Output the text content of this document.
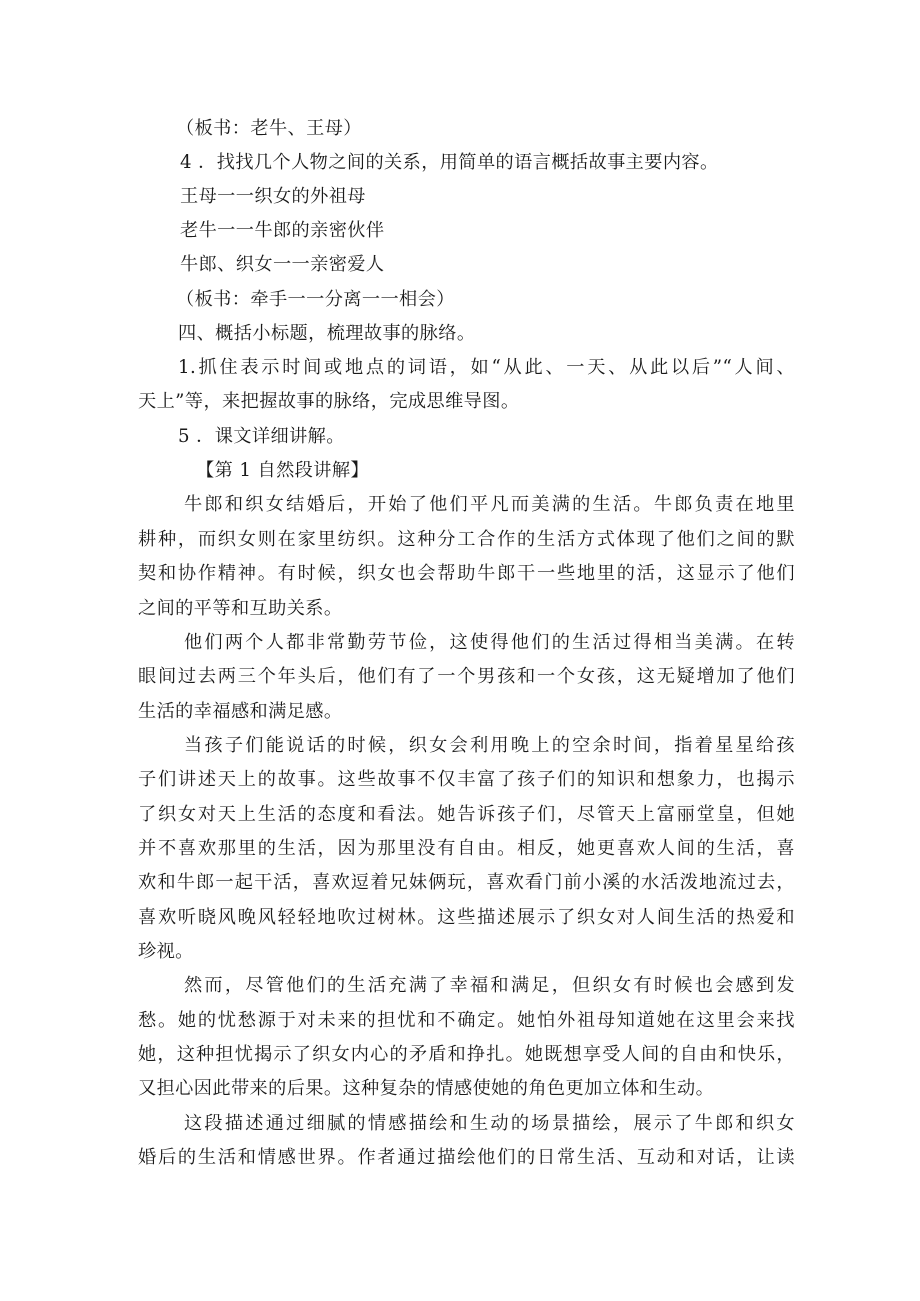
（板书：老牛、王母）
4 ．找找几个人物之间的关系，用简单的语言概括故事主要内容。
王母一一织女的外祖母
老牛一一牛郎的亲密伙伴
牛郎、织女一一亲密爱人
（板书：牵手一一分离一一相会）
四、概括小标题，梳理故事的脉络。
1.抓住表示时间或地点的词语，如“从此、一天、从此以后”“人间、
天上”等，来把握故事的脉络，完成思维导图。
5 ．课文详细讲解。
【第 1 自然段讲解】
牛郎和织女结婚后，开始了他们平凡而美满的生活。牛郎负责在地里
耕种，而织女则在家里纺织。这种分工合作的生活方式体现了他们之间的默
契和协作精神。有时候，织女也会帮助牛郎干一些地里的活，这显示了他们
之间的平等和互助关系。
他们两个人都非常勤劳节俭，这使得他们的生活过得相当美满。在转
眼间过去两三个年头后，他们有了一个男孩和一个女孩，这无疑增加了他们
生活的幸福感和满足感。
当孩子们能说话的时候，织女会利用晚上的空余时间，指着星星给孩
子们讲述天上的故事。这些故事不仅丰富了孩子们的知识和想象力，也揭示
了织女对天上生活的态度和看法。她告诉孩子们，尽管天上富丽堂皇，但她
并不喜欢那里的生活，因为那里没有自由。相反，她更喜欢人间的生活，喜
欢和牛郎一起干活，喜欢逗着兄妹俩玩，喜欢看门前小溪的水活泼地流过去，
喜欢听晓风晚风轻轻地吹过树林。这些描述展示了织女对人间生活的热爱和
珍视。
然而，尽管他们的生活充满了幸福和满足，但织女有时候也会感到发
愁。她的忧愁源于对未来的担忧和不确定。她怕外祖母知道她在这里会来找
她，这种担忧揭示了织女内心的矛盾和挣扎。她既想享受人间的自由和快乐，
又担心因此带来的后果。这种复杂的情感使她的角色更加立体和生动。
这段描述通过细腻的情感描绘和生动的场景描绘，展示了牛郎和织女
婚后的生活和情感世界。作者通过描绘他们的日常生活、互动和对话，让读
